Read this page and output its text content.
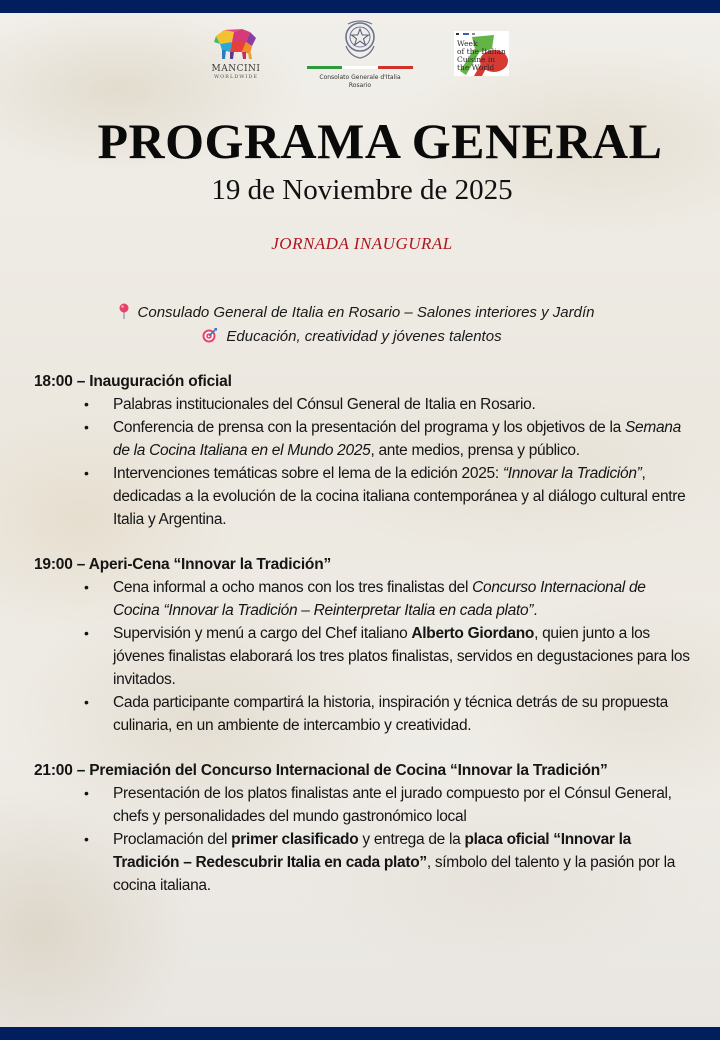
MANCINI
WORLDWIDE	Consolato Generale d'Italia
Rosario
Week
of the Italian
Cuisine in
the World
PROGRAMA GENERAL
19 de Noviembre de 2025
JORNADA INAUGURAL
Consulado General de Italia en Rosario – Salones interiores y Jardín
Educación, creatividad y jóvenes talentos
18:00 – Inauguración oficial
• Palabras institucionales del Cónsul General de Italia en Rosario.
• Conferencia de prensa con la presentación del programa y los objetivos de la Semana de la Cocina Italiana en el Mundo 2025, ante medios, prensa y público.
• Intervenciones temáticas sobre el lema de la edición 2025: “Innovar la Tradición”, dedicadas a la evolución de la cocina italiana contemporánea y al diálogo cultural entre Italia y Argentina.
19:00 – Aperi-Cena “Innovar la Tradición”
• Cena informal a ocho manos con los tres finalistas del Concurso Internacional de Cocina “Innovar la Tradición – Reinterpretar Italia en cada plato”.
• Supervisión y menú a cargo del Chef italiano Alberto Giordano, quien junto a los jóvenes finalistas elaborará los tres platos finalistas, servidos en degustaciones para los invitados.
• Cada participante compartirá la historia, inspiración y técnica detrás de su propuesta culinaria, en un ambiente de intercambio y creatividad.
21:00 – Premiación del Concurso Internacional de Cocina “Innovar la Tradición”
• Presentación de los platos finalistas ante el jurado compuesto por el Cónsul General, chefs y personalidades del mundo gastronómico local
• Proclamación del primer clasificado y entrega de la placa oficial “Innovar la Tradición – Redescubrir Italia en cada plato”, símbolo del talento y la pasión por la cocina italiana.
